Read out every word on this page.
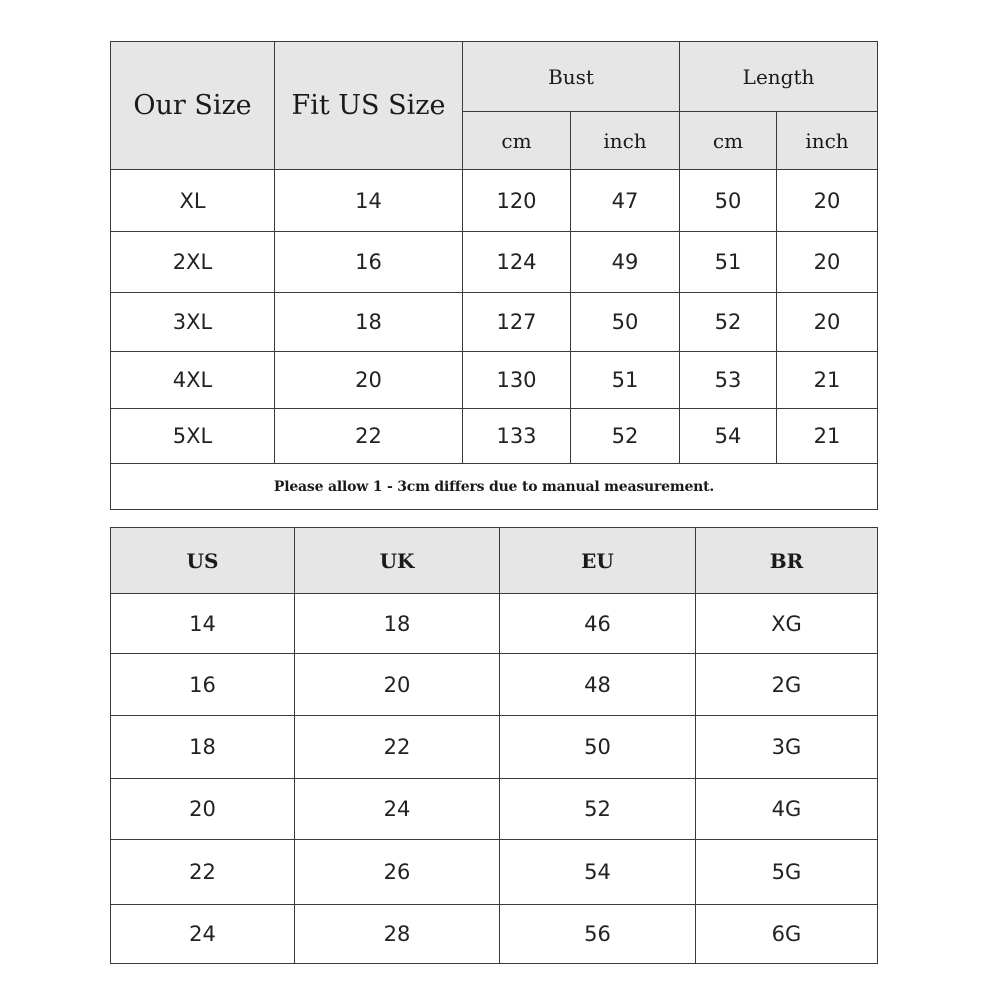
Our Size	Fit US Size	Bust		Length	
		cm	inch	cm	inch
XL	14	120	47	50	20
2XL	16	124	49	51	20
3XL	18	127	50	52	20
4XL	20	130	51	53	21
5XL	22	133	52	54	21
Please allow 1 - 3cm differs due to manual measurement.					
US	UK	EU	BR
14	18	46	XG
16	20	48	2G
18	22	50	3G
20	24	52	4G
22	26	54	5G
24	28	56	6G
